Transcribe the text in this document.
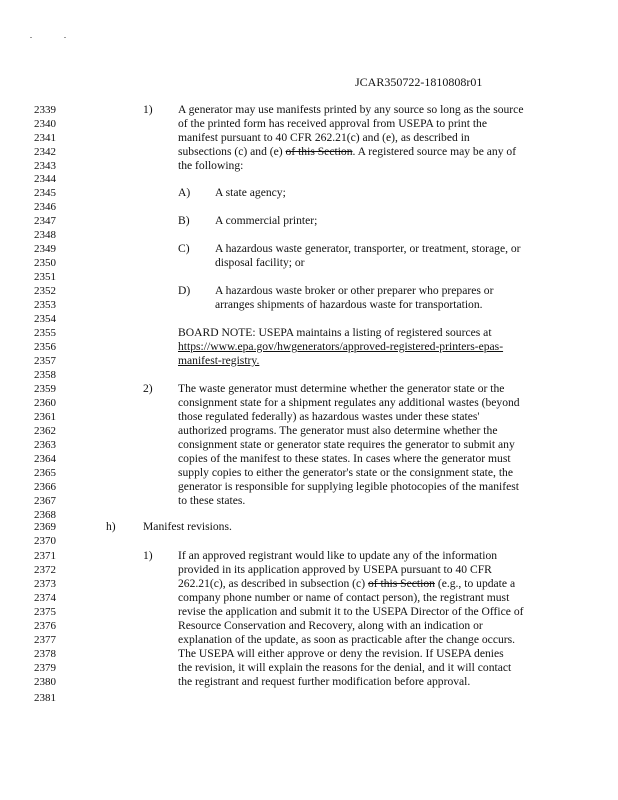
JCAR350722-1810808r01
2339
2340
2341
2342
2343
2344
2345
2346
2347
2348
2349
2350
2351
2352
2353
2354
2355
2356
2357
2358
2359
2360
2361
2362
2363
2364
2365
2366
2367
2368
2369
2370
2371
2372
2373
2374
2375
2376
2377
2378
2379
2380
2381
1) A generator may use manifests printed by any source so long as the source
of the printed form has received approval from USEPA to print the
manifest pursuant to 40 CFR 262.21(c) and (e), as described in
subsections (c) and (e) of this Section. A registered source may be any of
the following:
A) A state agency;
B) A commercial printer;
C) A hazardous waste generator, transporter, or treatment, storage, or
disposal facility; or
D) A hazardous waste broker or other preparer who prepares or
arranges shipments of hazardous waste for transportation.
BOARD NOTE: USEPA maintains a listing of registered sources at
https://www.epa.gov/hwgenerators/approved-registered-printers-epas-
manifest-registry.
2) The waste generator must determine whether the generator state or the
consignment state for a shipment regulates any additional wastes (beyond
those regulated federally) as hazardous wastes under these states'
authorized programs. The generator must also determine whether the
consignment state or generator state requires the generator to submit any
copies of the manifest to these states. In cases where the generator must
supply copies to either the generator's state or the consignment state, the
generator is responsible for supplying legible photocopies of the manifest
to these states.
h) Manifest revisions.
1) If an approved registrant would like to update any of the information
provided in its application approved by USEPA pursuant to 40 CFR
262.21(c), as described in subsection (c) of this Section (e.g., to update a
company phone number or name of contact person), the registrant must
revise the application and submit it to the USEPA Director of the Office of
Resource Conservation and Recovery, along with an indication or
explanation of the update, as soon as practicable after the change occurs.
The USEPA will either approve or deny the revision. If USEPA denies
the revision, it will explain the reasons for the denial, and it will contact
the registrant and request further modification before approval.
